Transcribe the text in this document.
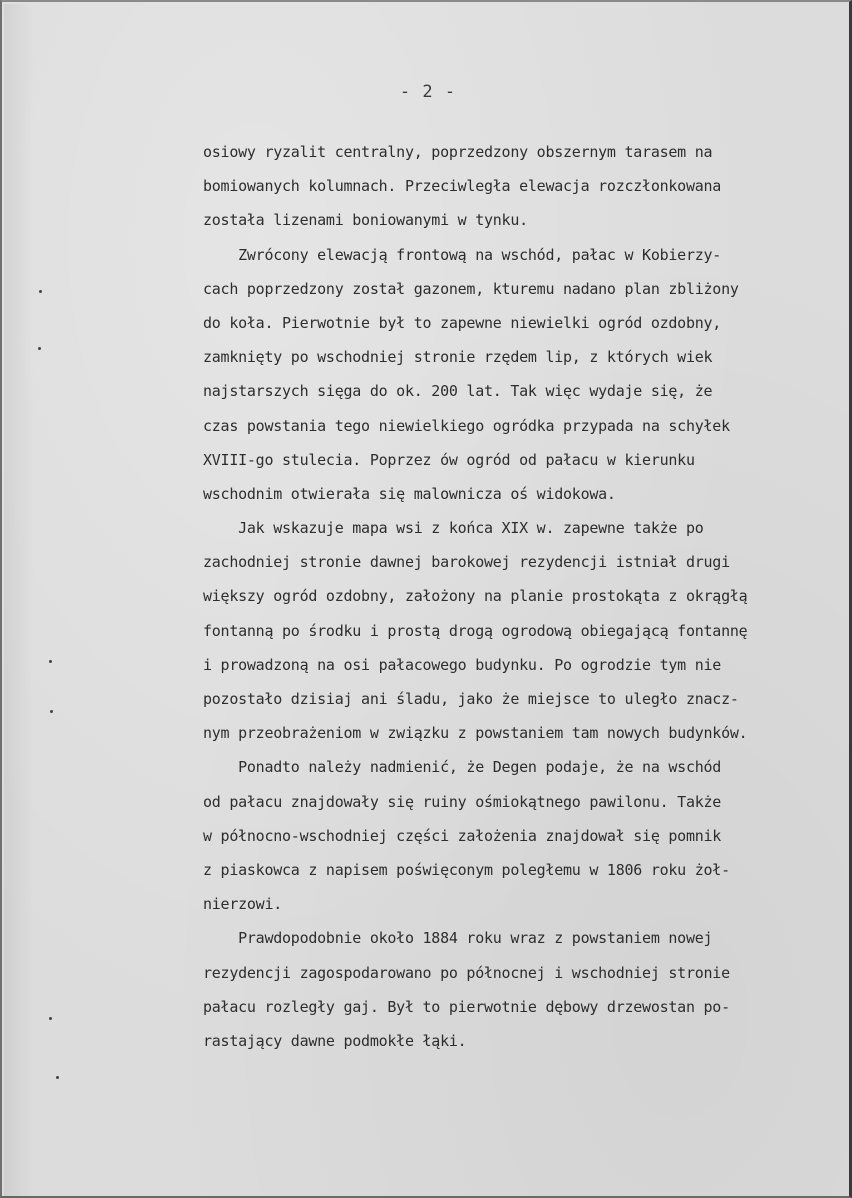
- 2 -
osiowy ryzalit centralny, poprzedzony obszernym tarasem na
bomiowanych kolumnach. Przeciwległa elewacja rozczłonkowana
została lizenami boniowanymi w tynku.
Zwrócony elewacją frontową na wschód, pałac w Kobierzy-
cach poprzedzony został gazonem, kturemu nadano plan zbliżony
do koła. Pierwotnie był to zapewne niewielki ogród ozdobny,
zamknięty po wschodniej stronie rzędem lip, z których wiek
najstarszych sięga do ok. 200 lat. Tak więc wydaje się, że
czas powstania tego niewielkiego ogródka przypada na schyłek
XVIII-go stulecia. Poprzez ów ogród od pałacu w kierunku
wschodnim otwierała się malownicza oś widokowa.
Jak wskazuje mapa wsi z końca XIX w. zapewne także po
zachodniej stronie dawnej barokowej rezydencji istniał drugi
większy ogród ozdobny, założony na planie prostokąta z okrągłą
fontanną po środku i prostą drogą ogrodową obiegającą fontannę
i prowadzoną na osi pałacowego budynku. Po ogrodzie tym nie
pozostało dzisiaj ani śladu, jako że miejsce to uległo znacz-
nym przeobrażeniom w związku z powstaniem tam nowych budynków.
Ponadto należy nadmienić, że Degen podaje, że na wschód
od pałacu znajdowały się ruiny ośmiokątnego pawilonu. Także
w północno-wschodniej części założenia znajdował się pomnik
z piaskowca z napisem poświęconym poległemu w 1806 roku żoł-
nierzowi.
Prawdopodobnie około 1884 roku wraz z powstaniem nowej
rezydencji zagospodarowano po północnej i wschodniej stronie
pałacu rozległy gaj. Był to pierwotnie dębowy drzewostan po-
rastający dawne podmokłe łąki.
